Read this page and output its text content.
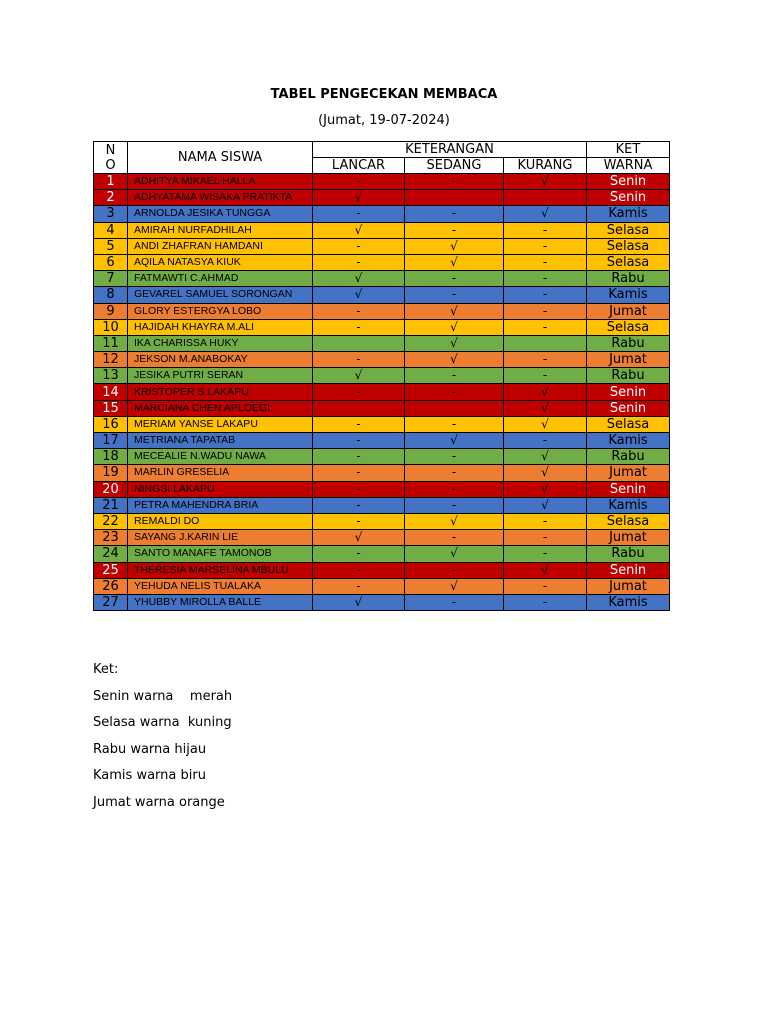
TABEL PENGECEKAN MEMBACA
(Jumat, 19-07-2024)
N
O	NAMA SISWA	KETERANGAN			KET
		LANCAR	SEDANG	KURANG	WARNA
1	ADHITYA MIKAEL HALLA	-	-	√	Senin
2	ADHYATAMA WISAKA PRATIKTA	√			Senin
3	ARNOLDA JESIKA TUNGGA	-	-	√	Kamis
4	AMIRAH NURFADHILAH	√	-	-	Selasa
5	ANDI ZHAFRAN HAMDANI	-	√	-	Selasa
6	AQILA NATASYA KIUK	-	√	-	Selasa
7	FATMAWTI C.AHMAD	√	-	-	Rabu
8	GEVAREL SAMUEL SORONGAN	√	-	-	Kamis
9	GLORY ESTERGYA LOBO	-	√	-	Jumat
10	HAJIDAH KHAYRA M.ALI	-	√	-	Selasa
11	IKA CHARISSA HUKY		√		Rabu
12	JEKSON M.ANABOKAY	-	√	-	Jumat
13	JESIKA PUTRI SERAN	√	-	-	Rabu
14	KRISTOPER S.LAKAPU	-	-	√	Senin
15	MARCIANA CHEN APLOEGI			√	Senin
16	MERIAM YANSE LAKAPU	-	-	√	Selasa
17	METRIANA TAPATAB	-	√	-	Kamis
18	MECEALIE N.WADU NAWA	-	-	√	Rabu
19	MARLIN GRESELIA	-	-	√	Jumat
20	NINGSI LAKAPU	-	-	√	Senin
21	PETRA MAHENDRA BRIA	-	-	√	Kamis
22	REMALDI DO	-	√	-	Selasa
23	SAYANG J.KARIN LIE	√	-	-	Jumat
24	SANTO MANAFE TAMONOB	-	√	-	Rabu
25	THERESIA MARSELINA MBULU	-	-	√	Senin
26	YEHUDA NELIS TUALAKA	-	√	-	Jumat
27	YHUBBY MIROLLA BALLE	√	-	-	Kamis
Ket:
Senin warna    merah
Selasa warna  kuning
Rabu warna hijau
Kamis warna biru
Jumat warna orange
